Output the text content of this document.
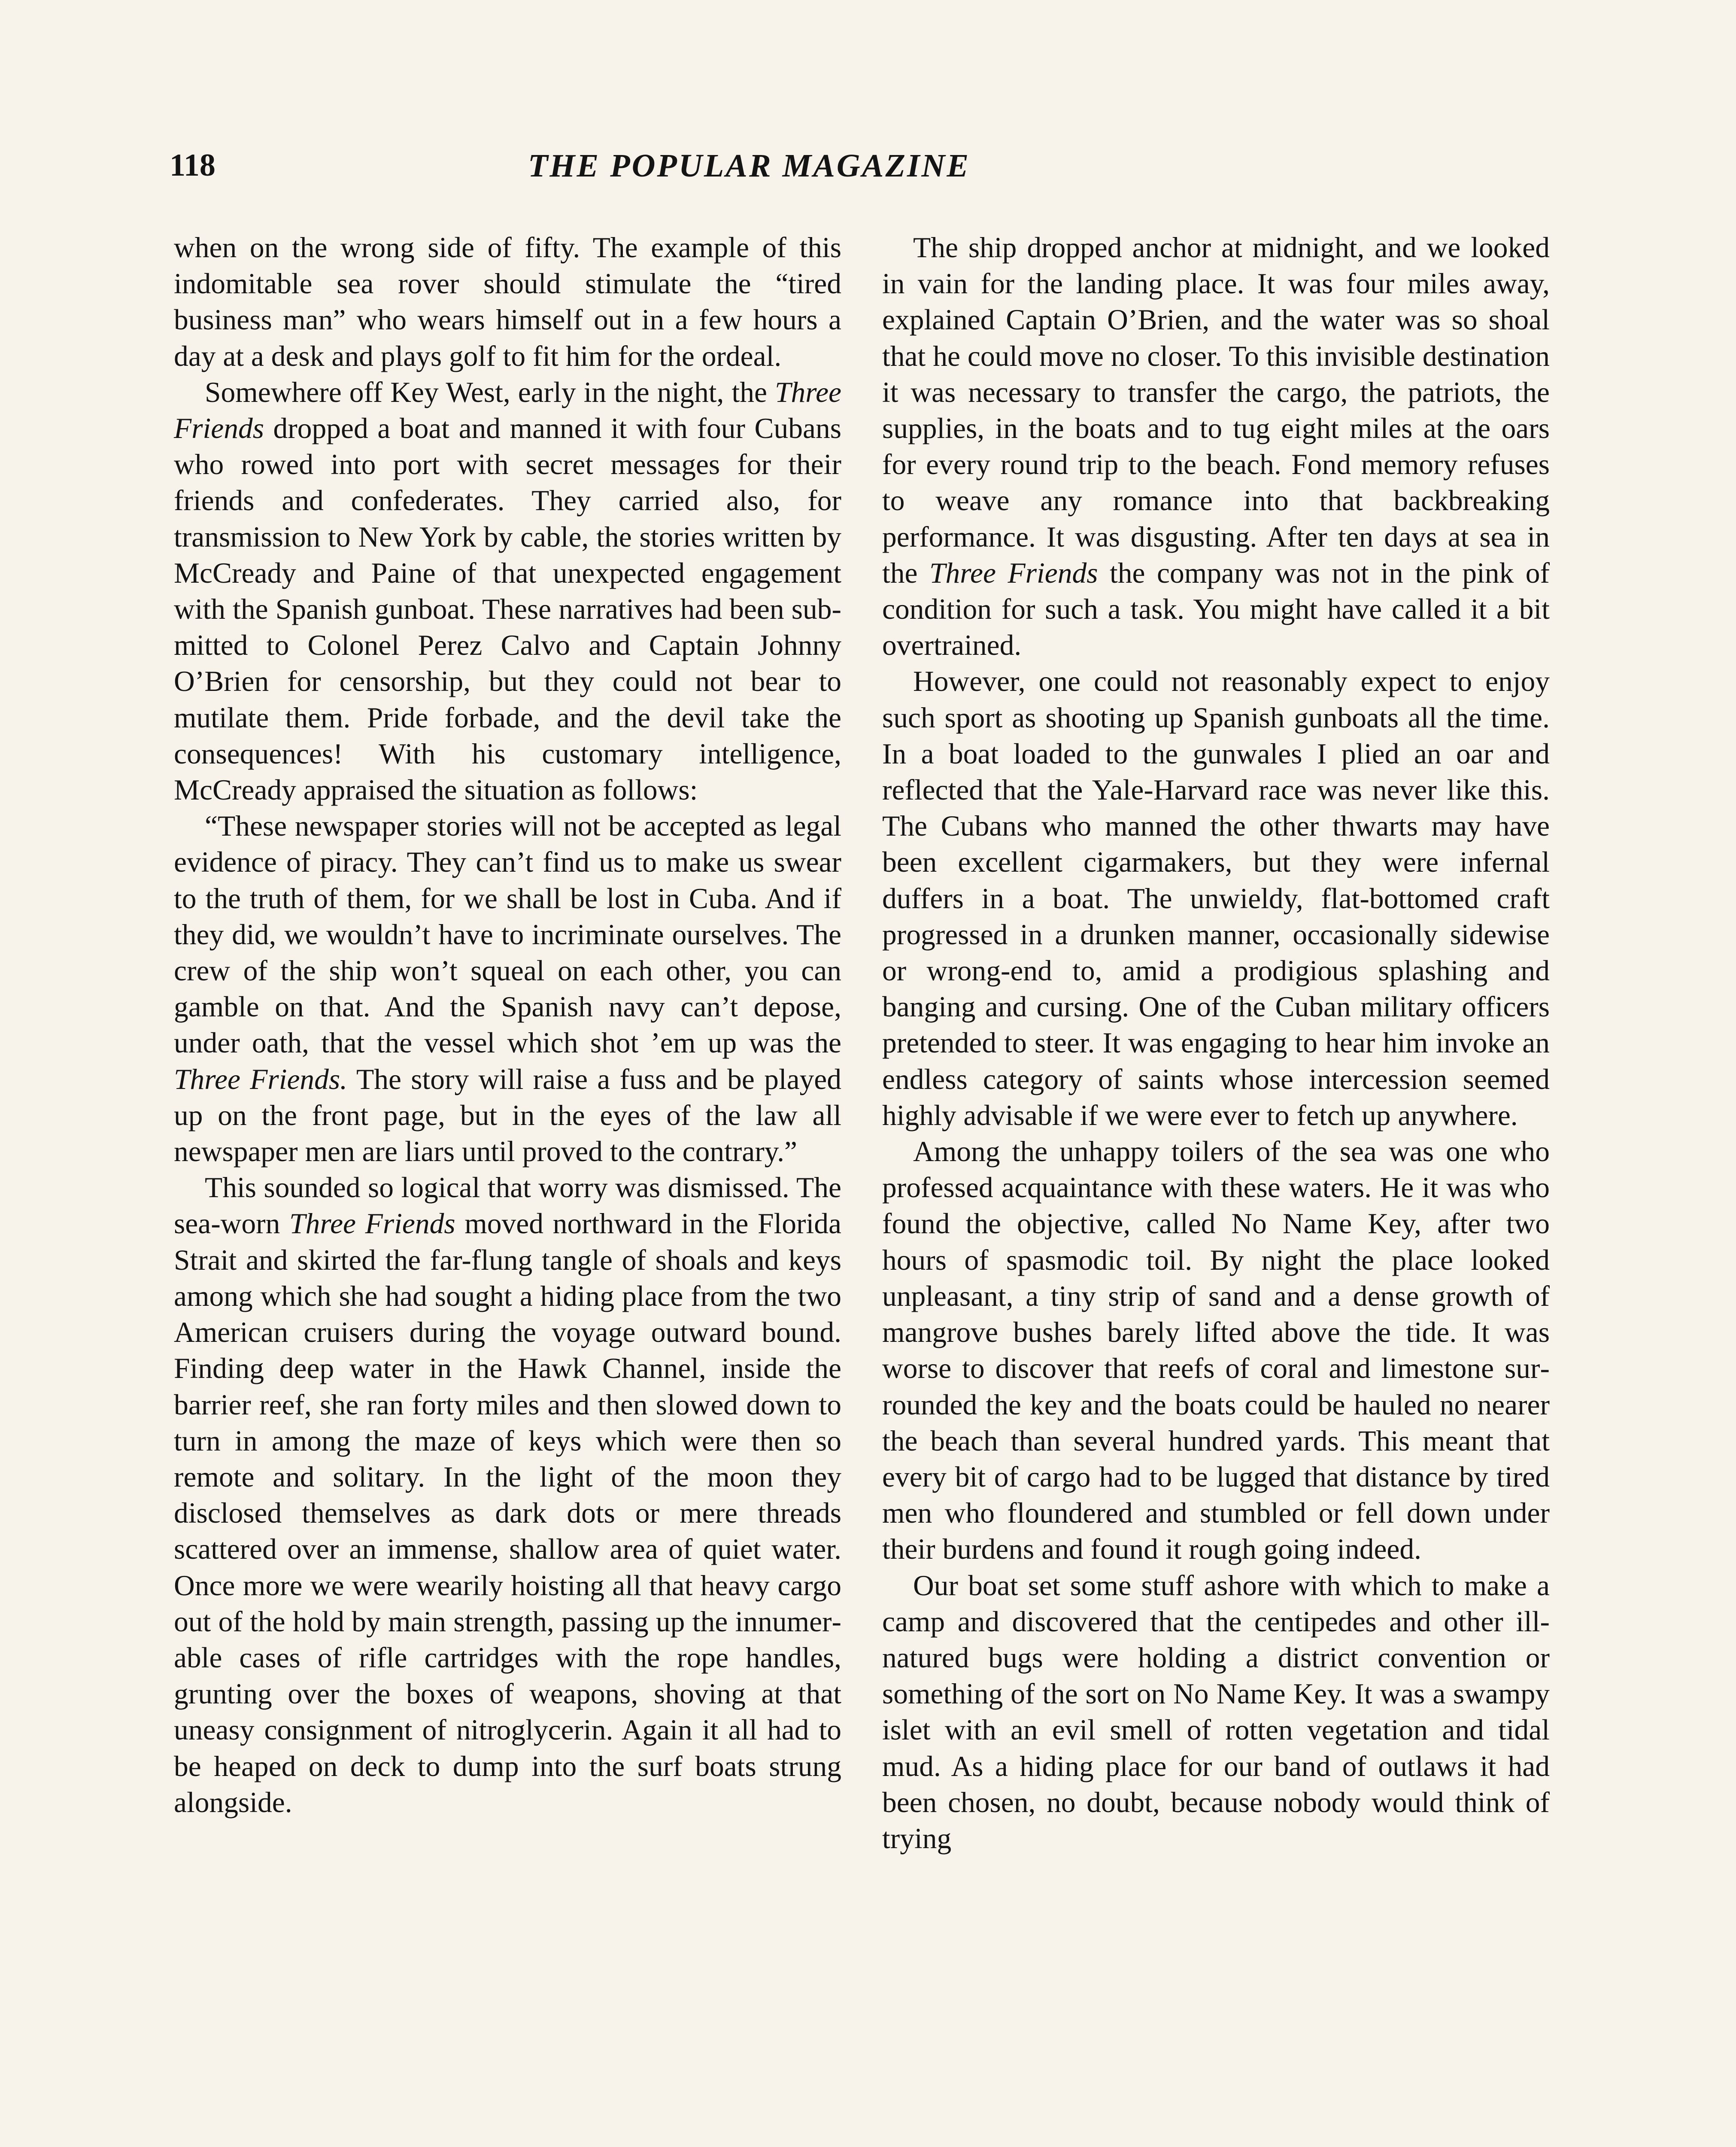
118	THE POPULAR MAGAZINE

when on the wrong side of fifty. The example of this indomitable sea rover should stimulate the “tired business man” who wears himself out in a few hours a day at a desk and plays golf to fit him for the ordeal.

Somewhere off Key West, early in the night, the Three Friends dropped a boat and manned it with four Cubans who rowed into port with secret messages for their friends and confederates. They carried also, for transmission to New York by cable, the stories written by McCready and Paine of that unexpected engagement with the Spanish gunboat. These narratives had been submitted to Colonel Perez Calvo and Captain Johnny O’Brien for censorship, but they could not bear to mutilate them. Pride forbade, and the devil take the consequences! With his customary intelligence, McCready appraised the situation as follows:

“These newspaper stories will not be accepted as legal evidence of piracy. They can’t find us to make us swear to the truth of them, for we shall be lost in Cuba. And if they did, we wouldn’t have to incriminate ourselves. The crew of the ship won’t squeal on each other, you can gamble on that. And the Spanish navy can’t depose, under oath, that the vessel which shot ’em up was the Three Friends. The story will raise a fuss and be played up on the front page, but in the eyes of the law all newspaper men are liars until proved to the contrary.”

This sounded so logical that worry was dismissed. The sea-worn Three Friends moved northward in the Florida Strait and skirted the far-flung tangle of shoals and keys among which she had sought a hiding place from the two American cruisers during the voyage outward bound. Finding deep water in the Hawk Channel, inside the barrier reef, she ran forty miles and then slowed down to turn in among the maze of keys which were then so remote and solitary. In the light of the moon they disclosed themselves as dark dots or mere threads scattered over an immense, shallow area of quiet water. Once more we were wearily hoisting all that heavy cargo out of the hold by main strength, passing up the innumerable cases of rifle cartridges with the rope handles, grunting over the boxes of weapons, shoving at that uneasy consignment of nitroglycerin. Again it all had to be heaped on deck to dump into the surf boats strung alongside.

The ship dropped anchor at midnight, and we looked in vain for the landing place. It was four miles away, explained Captain O’Brien, and the water was so shoal that he could move no closer. To this invisible destination it was necessary to transfer the cargo, the patriots, the supplies, in the boats and to tug eight miles at the oars for every round trip to the beach. Fond memory refuses to weave any romance into that backbreaking performance. It was disgusting. After ten days at sea in the Three Friends the company was not in the pink of condition for such a task. You might have called it a bit overtrained.

However, one could not reasonably expect to enjoy such sport as shooting up Spanish gunboats all the time. In a boat loaded to the gunwales I plied an oar and reflected that the Yale-Harvard race was never like this. The Cubans who manned the other thwarts may have been excellent cigarmakers, but they were infernal duffers in a boat. The unwieldy, flat-bottomed craft progressed in a drunken manner, occasionally sidewise or wrong-end to, amid a prodigious splashing and banging and cursing. One of the Cuban military officers pretended to steer. It was engaging to hear him invoke an endless category of saints whose intercession seemed highly advisable if we were ever to fetch up anywhere.

Among the unhappy toilers of the sea was one who professed acquaintance with these waters. He it was who found the objective, called No Name Key, after two hours of spasmodic toil. By night the place looked unpleasant, a tiny strip of sand and a dense growth of mangrove bushes barely lifted above the tide. It was worse to discover that reefs of coral and limestone surrounded the key and the boats could be hauled no nearer the beach than several hundred yards. This meant that every bit of cargo had to be lugged that distance by tired men who floundered and stumbled or fell down under their burdens and found it rough going indeed.

Our boat set some stuff ashore with which to make a camp and discovered that the centipedes and other ill-natured bugs were holding a district convention or something of the sort on No Name Key. It was a swampy islet with an evil smell of rotten vegetation and tidal mud. As a hiding place for our band of outlaws it had been chosen, no doubt, because nobody would think of trying
